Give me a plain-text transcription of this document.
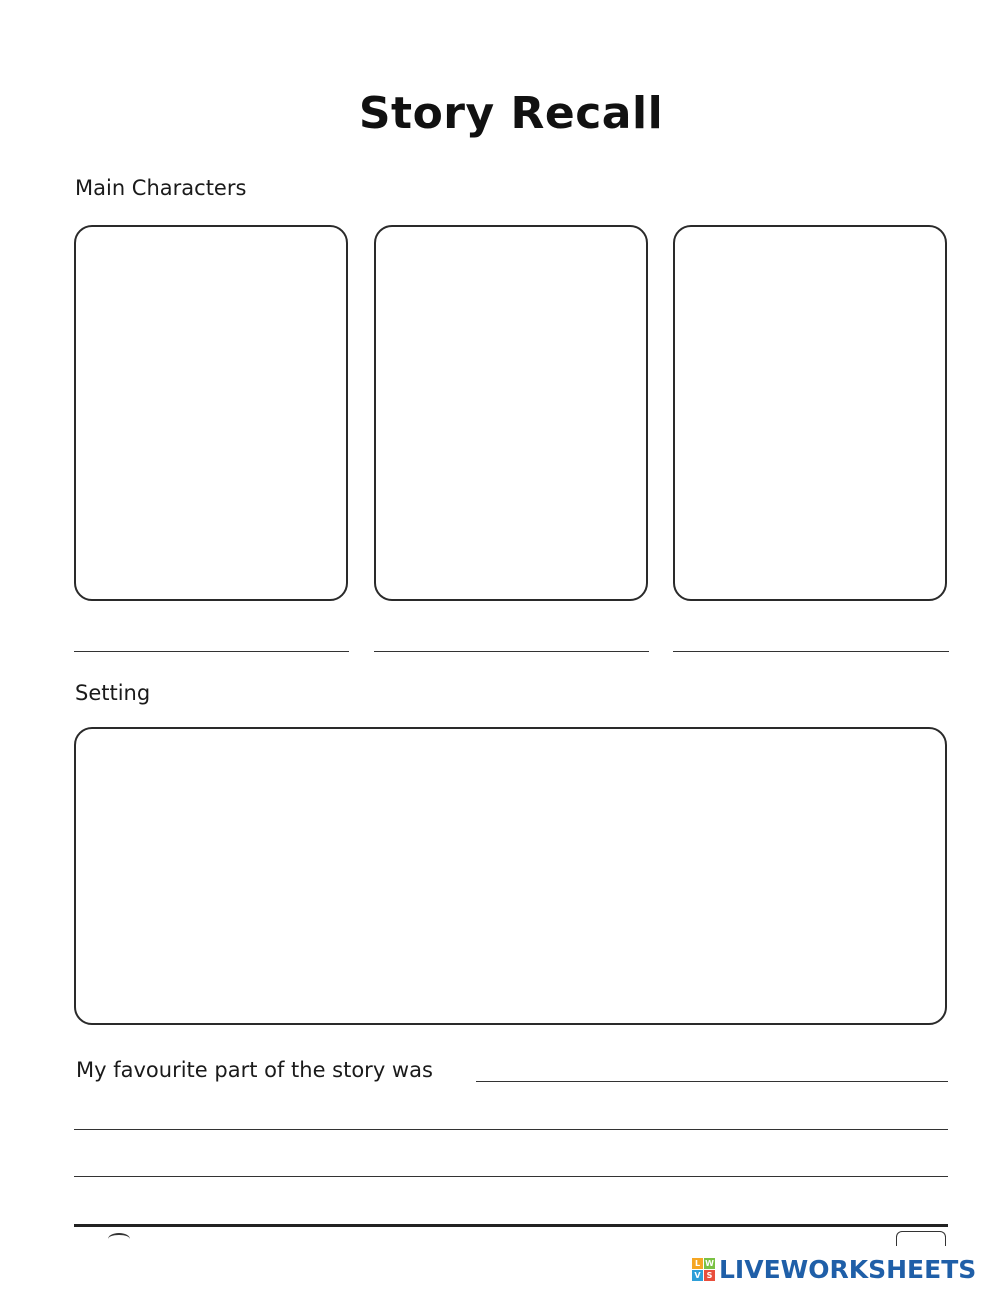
Story Recall
Main Characters
Setting
My favourite part of the story was
L W
V S LIVEWORKSHEETS
